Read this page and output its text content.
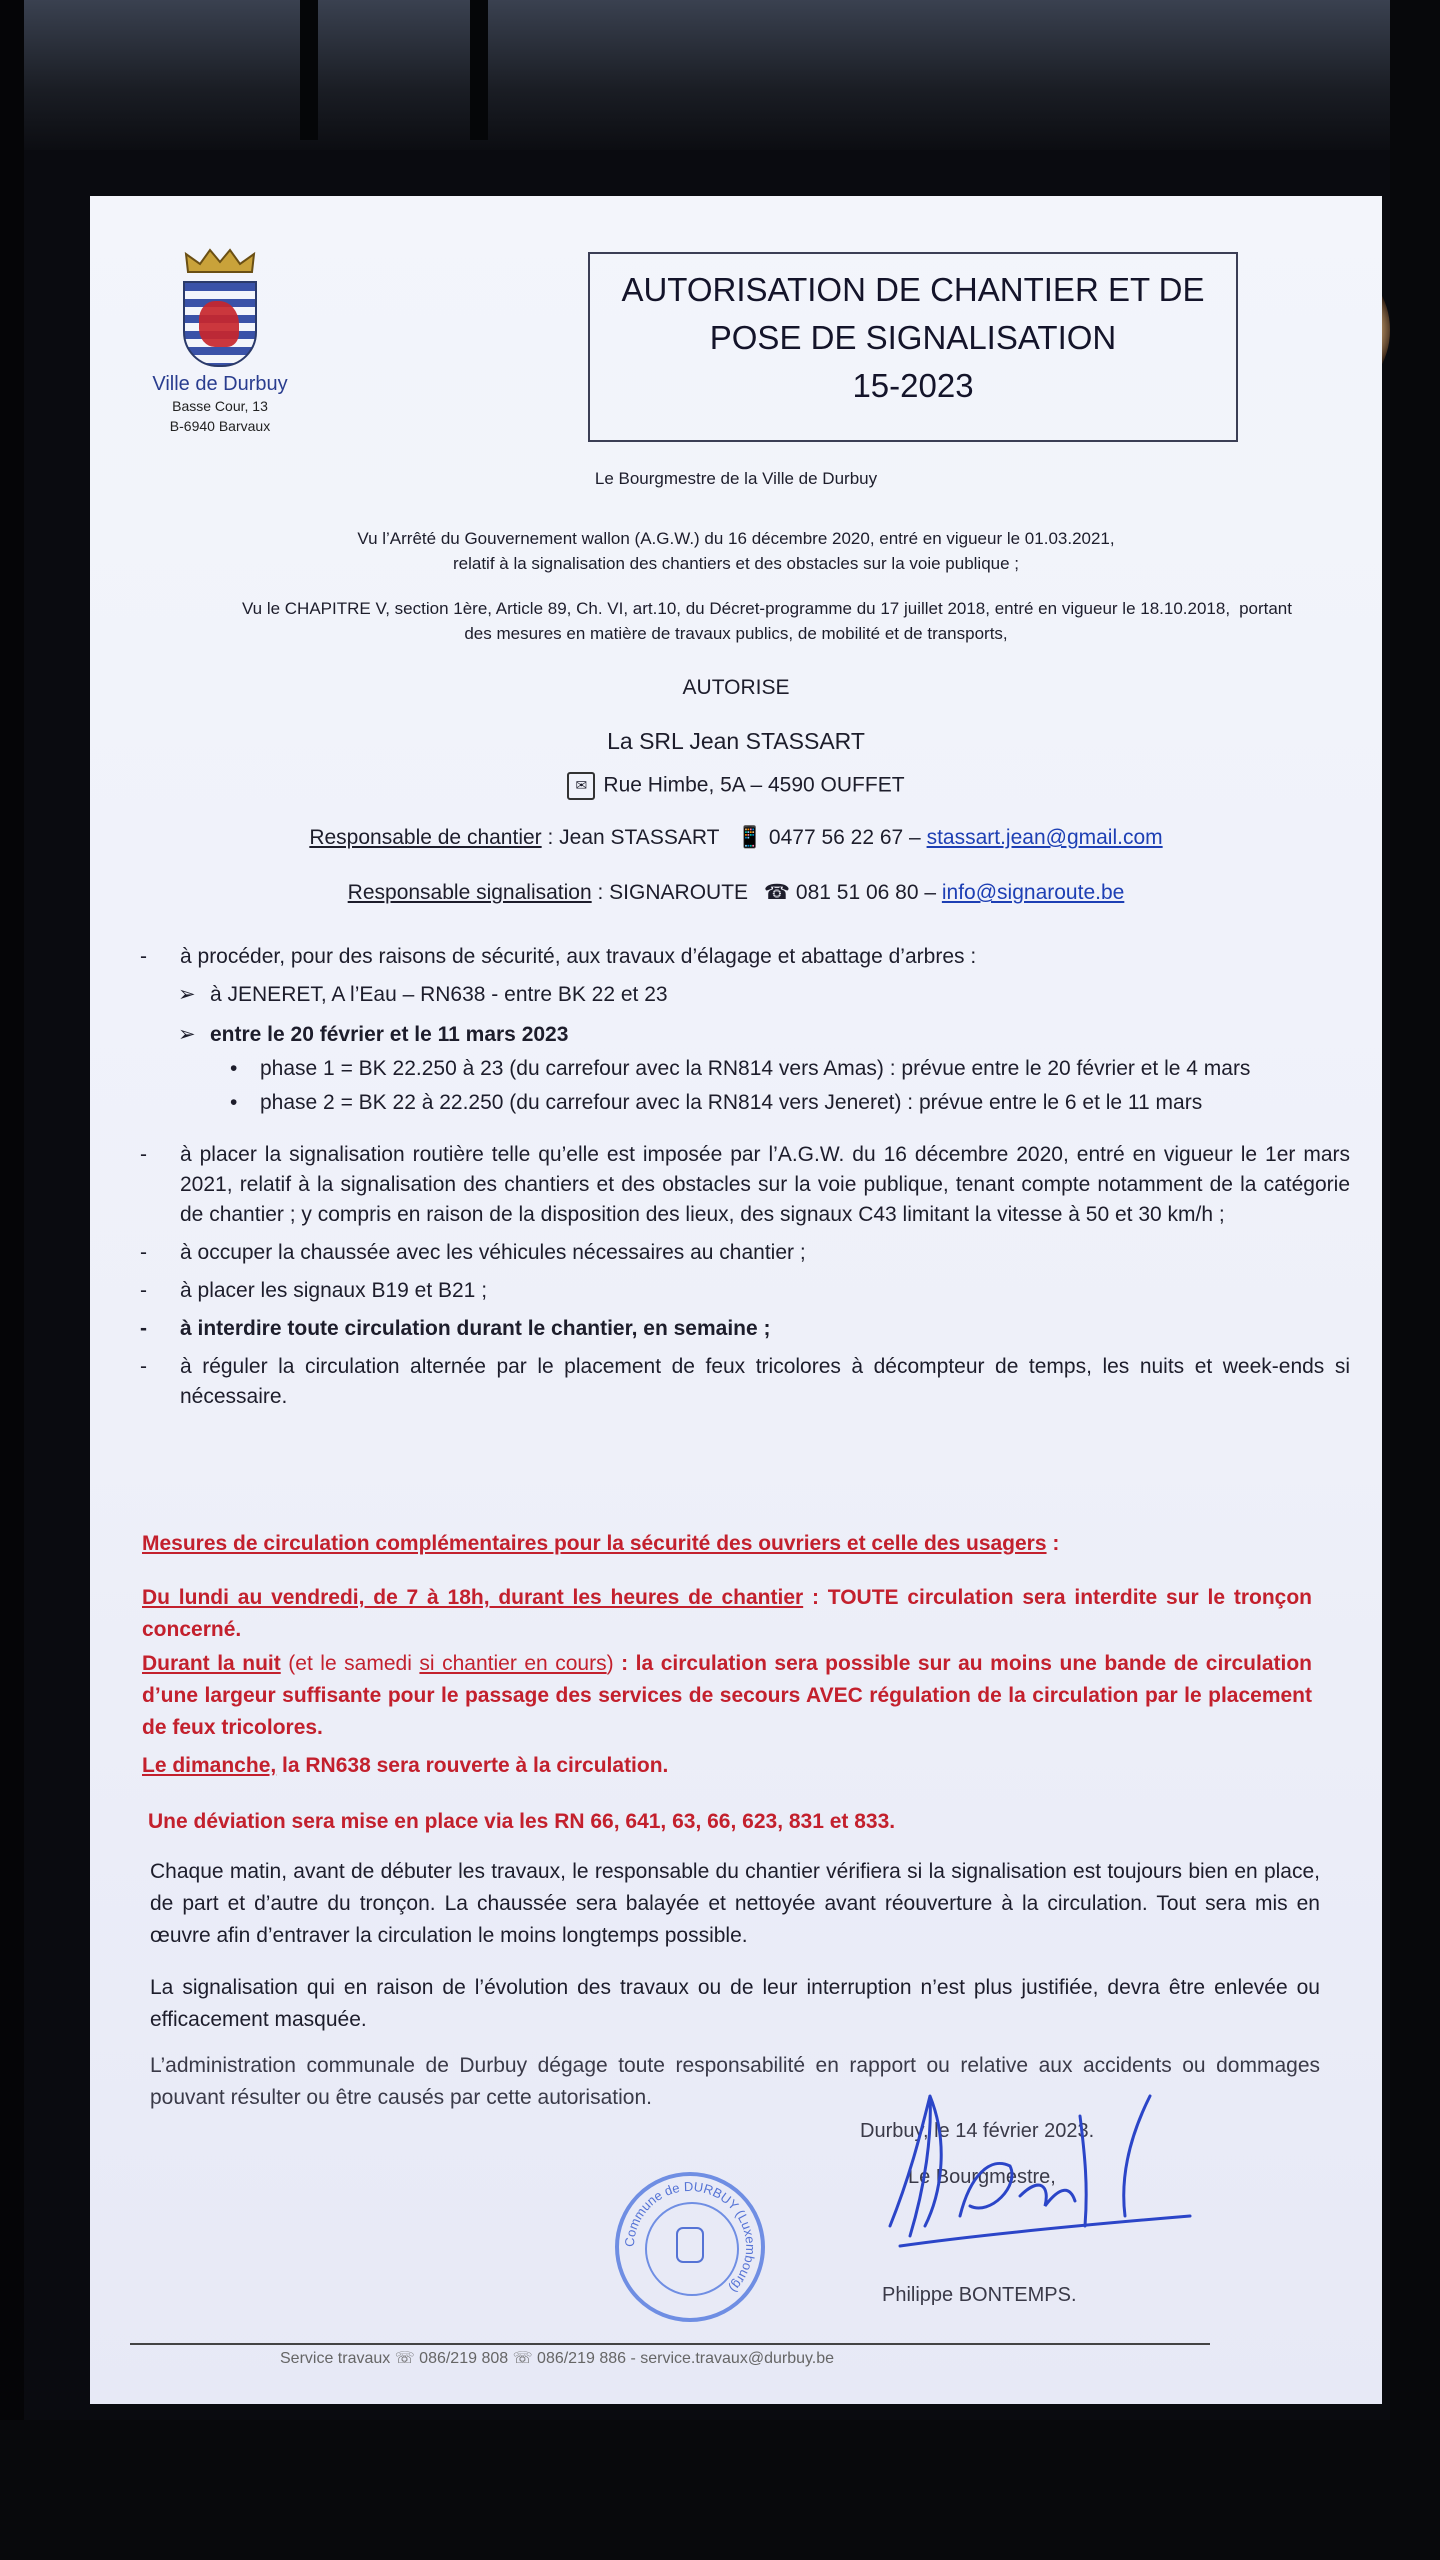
Ville de Durbuy
Basse Cour, 13
B-6940 Barvaux
AUTORISATION DE CHANTIER ET DE
POSE DE SIGNALISATION
15-2023
Le Bourgmestre de la Ville de Durbuy
Vu l’Arrêté du Gouvernement wallon (A.G.W.) du 16 décembre 2020, entré en vigueur le 01.03.2021,
relatif à la signalisation des chantiers et des obstacles sur la voie publique ;
Vu le CHAPITRE V, section 1ère, Article 89, Ch. VI, art.10, du Décret-programme du 17 juillet 2018, entré en vigueur le 18.10.2018, portant
des mesures en matière de travaux publics, de mobilité et de transports,
AUTORISE
La SRL Jean STASSART
✉ Rue Himbe, 5A – 4590 OUFFET
Responsable de chantier : Jean STASSART 📱 0477 56 22 67 – stassart.jean@gmail.com
Responsable signalisation : SIGNAROUTE ☎ 081 51 06 80 – info@signaroute.be
- à procéder, pour des raisons de sécurité, aux travaux d’élagage et abattage d’arbres :
➢ à JENERET, A l’Eau – RN638 - entre BK 22 et 23
➢ entre le 20 février et le 11 mars 2023
• phase 1 = BK 22.250 à 23 (du carrefour avec la RN814 vers Amas) : prévue entre le 20 février et le 4 mars
• phase 2 = BK 22 à 22.250 (du carrefour avec la RN814 vers Jeneret) : prévue entre le 6 et le 11 mars
- à placer la signalisation routière telle qu’elle est imposée par l’A.G.W. du 16 décembre 2020, entré en vigueur le 1er mars 2021, relatif à la signalisation des chantiers et des obstacles sur la voie publique, tenant compte notamment de la catégorie de chantier ; y compris en raison de la disposition des lieux, des signaux C43 limitant la vitesse à 50 et 30 km/h ;
- à occuper la chaussée avec les véhicules nécessaires au chantier ;
- à placer les signaux B19 et B21 ;
- à interdire toute circulation durant le chantier, en semaine ;
- à réguler la circulation alternée par le placement de feux tricolores à décompteur de temps, les nuits et week-ends si nécessaire.
Mesures de circulation complémentaires pour la sécurité des ouvriers et celle des usagers :
Du lundi au vendredi, de 7 à 18h, durant les heures de chantier : TOUTE circulation sera interdite sur le tronçon concerné.
Durant la nuit (et le samedi si chantier en cours) : la circulation sera possible sur au moins une bande de circulation d’une largeur suffisante pour le passage des services de secours AVEC régulation de la circulation par le placement de feux tricolores.
Le dimanche, la RN638 sera rouverte à la circulation.
Une déviation sera mise en place via les RN 66, 641, 63, 66, 623, 831 et 833.
Chaque matin, avant de débuter les travaux, le responsable du chantier vérifiera si la signalisation est toujours bien en place, de part et d’autre du tronçon. La chaussée sera balayée et nettoyée avant réouverture à la circulation. Tout sera mis en œuvre afin d’entraver la circulation le moins longtemps possible.
La signalisation qui en raison de l’évolution des travaux ou de leur interruption n’est plus justifiée, devra être enlevée ou efficacement masquée.
L’administration communale de Durbuy dégage toute responsabilité en rapport ou relative aux accidents ou dommages pouvant résulter ou être causés par cette autorisation.
Durbuy, le 14 février 2023.
Le Bourgmestre,
Philippe BONTEMPS.
Commune de DURBUY (Luxembourg)
Service travaux ☏ 086/219 808 ☏ 086/219 886 - service.travaux@durbuy.be
